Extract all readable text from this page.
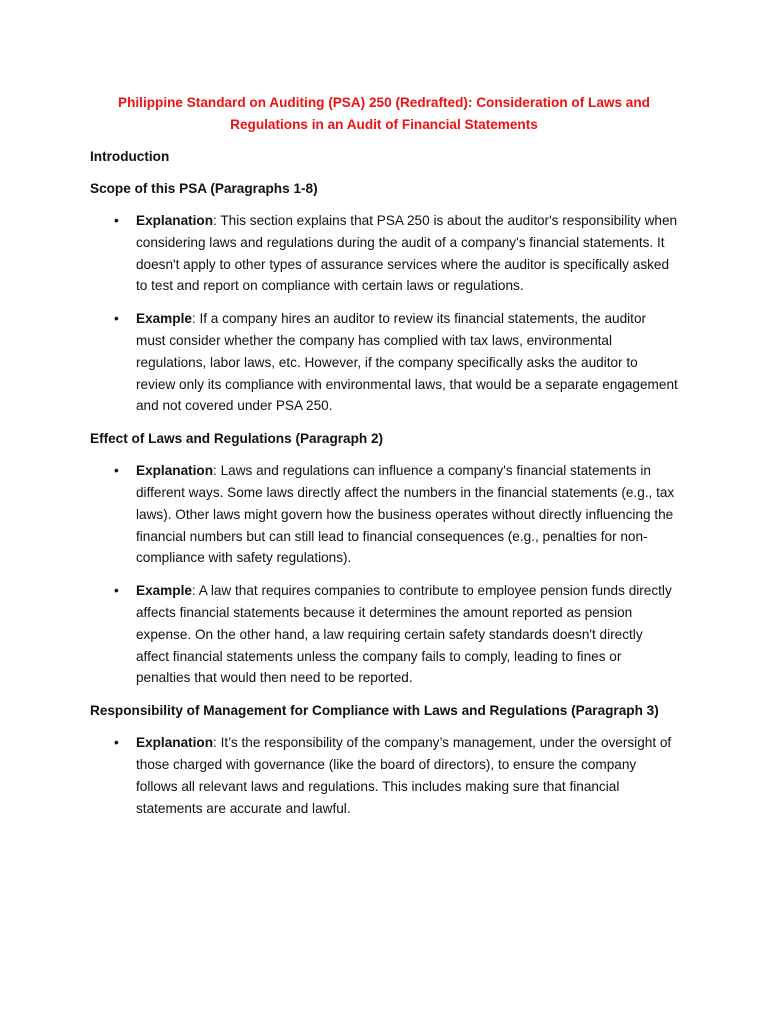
Philippine Standard on Auditing (PSA) 250 (Redrafted): Consideration of Laws and Regulations in an Audit of Financial Statements
Introduction
Scope of this PSA (Paragraphs 1-8)
• Explanation: This section explains that PSA 250 is about the auditor's responsibility when considering laws and regulations during the audit of a company's financial statements. It doesn't apply to other types of assurance services where the auditor is specifically asked to test and report on compliance with certain laws or regulations.
• Example: If a company hires an auditor to review its financial statements, the auditor must consider whether the company has complied with tax laws, environmental regulations, labor laws, etc. However, if the company specifically asks the auditor to review only its compliance with environmental laws, that would be a separate engagement and not covered under PSA 250.
Effect of Laws and Regulations (Paragraph 2)
• Explanation: Laws and regulations can influence a company's financial statements in different ways. Some laws directly affect the numbers in the financial statements (e.g., tax laws). Other laws might govern how the business operates without directly influencing the financial numbers but can still lead to financial consequences (e.g., penalties for non-compliance with safety regulations).
• Example: A law that requires companies to contribute to employee pension funds directly affects financial statements because it determines the amount reported as pension expense. On the other hand, a law requiring certain safety standards doesn't directly affect financial statements unless the company fails to comply, leading to fines or penalties that would then need to be reported.
Responsibility of Management for Compliance with Laws and Regulations (Paragraph 3)
• Explanation: It’s the responsibility of the company’s management, under the oversight of those charged with governance (like the board of directors), to ensure the company follows all relevant laws and regulations. This includes making sure that financial statements are accurate and lawful.
